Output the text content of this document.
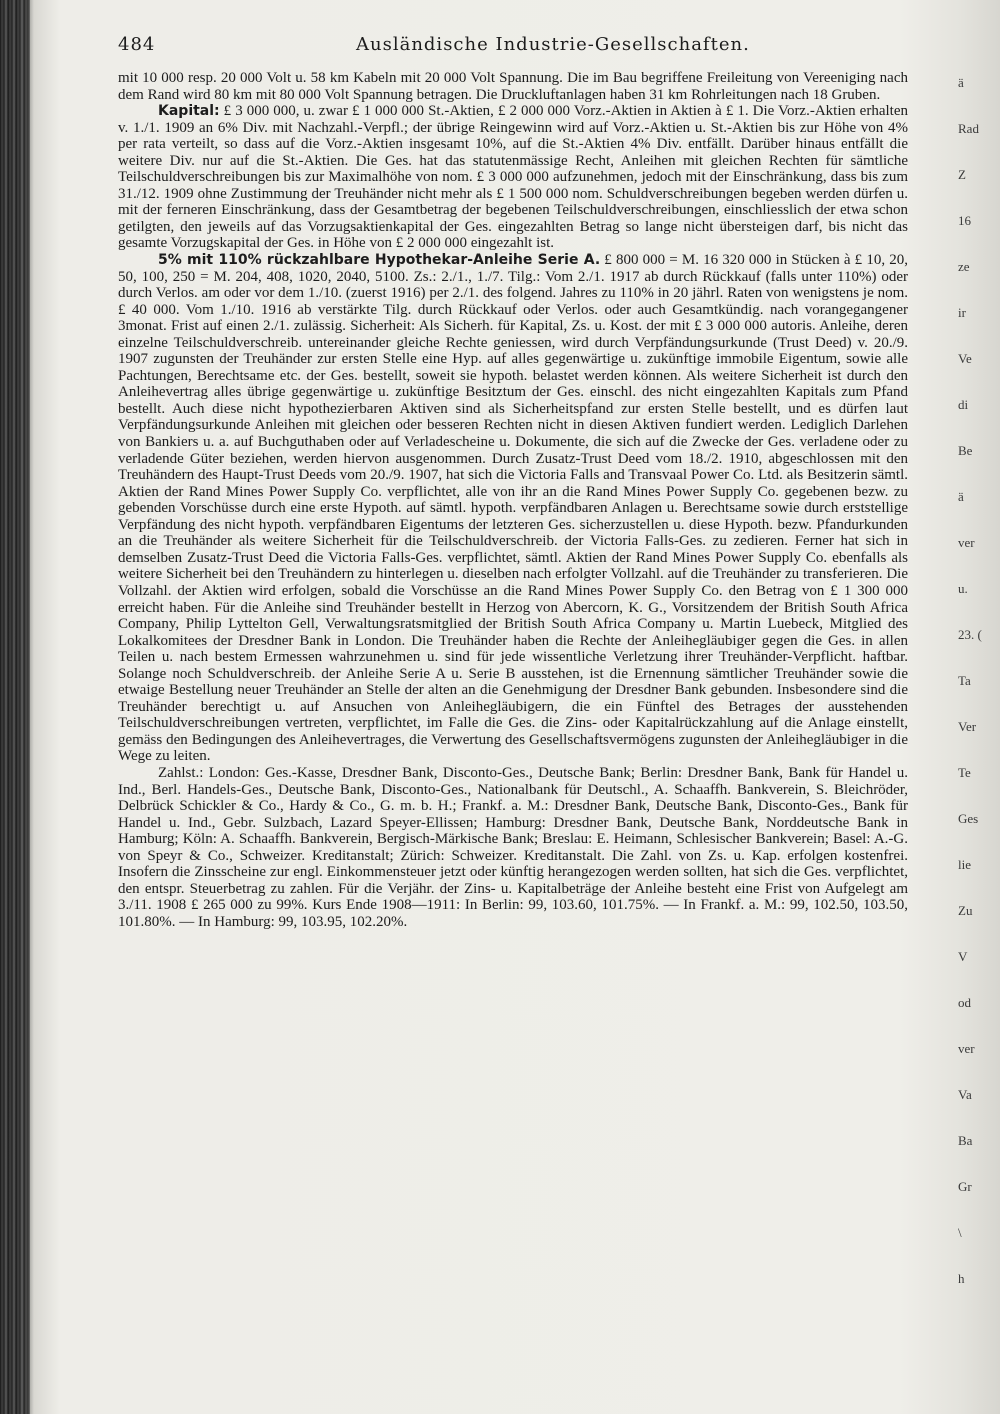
484	Ausländische Industrie-Gesellschaften.

mit 10 000 resp. 20 000 Volt u. 58 km Kabeln mit 20 000 Volt Spannung. Die im Bau begriffene Freileitung von Vereeniging nach dem Rand wird 80 km mit 80 000 Volt Spannung betragen. Die Druckluftanlagen haben 31 km Rohrleitungen nach 18 Gruben.

Kapital: £ 3 000 000, u. zwar £ 1 000 000 St.-Aktien, £ 2 000 000 Vorz.-Aktien in Aktien à £ 1. Die Vorz.-Aktien erhalten v. 1./1. 1909 an 6% Div. mit Nachzahl.-Verpfl.; der übrige Reingewinn wird auf Vorz.-Aktien u. St.-Aktien bis zur Höhe von 4% per rata verteilt, so dass auf die Vorz.-Aktien insgesamt 10%, auf die St.-Aktien 4% Div. entfällt. Darüber hinaus entfällt die weitere Div. nur auf die St.-Aktien. Die Ges. hat das statutenmässige Recht, Anleihen mit gleichen Rechten für sämtliche Teilschuldverschreibungen bis zur Maximalhöhe von nom. £ 3 000 000 aufzunehmen, jedoch mit der Einschränkung, dass bis zum 31./12. 1909 ohne Zustimmung der Treuhänder nicht mehr als £ 1 500 000 nom. Schuldverschreibungen begeben werden dürfen u. mit der ferneren Einschränkung, dass der Gesamtbetrag der begebenen Teilschuldverschreibungen, einschliesslich der etwa schon getilgten, den jeweils auf das Vorzugsaktienkapital der Ges. eingezahlten Betrag so lange nicht übersteigen darf, bis nicht das gesamte Vorzugskapital der Ges. in Höhe von £ 2 000 000 eingezahlt ist.

5% mit 110% rückzahlbare Hypothekar-Anleihe Serie A. £ 800 000 = M. 16 320 000 in Stücken à £ 10, 20, 50, 100, 250 = M. 204, 408, 1020, 2040, 5100. Zs.: 2./1., 1./7. Tilg.: Vom 2./1. 1917 ab durch Rückkauf (falls unter 110%) oder durch Verlos. am oder vor dem 1./10. (zuerst 1916) per 2./1. des folgend. Jahres zu 110% in 20 jährl. Raten von wenigstens je nom. £ 40 000. Vom 1./10. 1916 ab verstärkte Tilg. durch Rückkauf oder Verlos. oder auch Gesamtkündig. nach vorangegangener 3monat. Frist auf einen 2./1. zulässig. Sicherheit: Als Sicherh. für Kapital, Zs. u. Kost. der mit £ 3 000 000 autoris. Anleihe, deren einzelne Teilschuldverschreib. untereinander gleiche Rechte geniessen, wird durch Verpfändungsurkunde (Trust Deed) v. 20./9. 1907 zugunsten der Treuhänder zur ersten Stelle eine Hyp. auf alles gegenwärtige u. zukünftige immobile Eigentum, sowie alle Pachtungen, Berechtsame etc. der Ges. bestellt, soweit sie hypoth. belastet werden können. Als weitere Sicherheit ist durch den Anleihevertrag alles übrige gegenwärtige u. zukünftige Besitztum der Ges. einschl. des nicht eingezahlten Kapitals zum Pfand bestellt. Auch diese nicht hypothezierbaren Aktiven sind als Sicherheitspfand zur ersten Stelle bestellt, und es dürfen laut Verpfändungsurkunde Anleihen mit gleichen oder besseren Rechten nicht in diesen Aktiven fundiert werden. Lediglich Darlehen von Bankiers u. a. auf Buchguthaben oder auf Verladescheine u. Dokumente, die sich auf die Zwecke der Ges. verladene oder zu verladende Güter beziehen, werden hiervon ausgenommen. Durch Zusatz-Trust Deed vom 18./2. 1910, abgeschlossen mit den Treuhändern des Haupt-Trust Deeds vom 20./9. 1907, hat sich die Victoria Falls and Transvaal Power Co. Ltd. als Besitzerin sämtl. Aktien der Rand Mines Power Supply Co. verpflichtet, alle von ihr an die Rand Mines Power Supply Co. gegebenen bezw. zu gebenden Vorschüsse durch eine erste Hypoth. auf sämtl. hypoth. verpfändbaren Anlagen u. Berechtsame sowie durch erststellige Verpfändung des nicht hypoth. verpfändbaren Eigentums der letzteren Ges. sicherzustellen u. diese Hypoth. bezw. Pfandurkunden an die Treuhänder als weitere Sicherheit für die Teilschuldverschreib. der Victoria Falls-Ges. zu zedieren. Ferner hat sich in demselben Zusatz-Trust Deed die Victoria Falls-Ges. verpflichtet, sämtl. Aktien der Rand Mines Power Supply Co. ebenfalls als weitere Sicherheit bei den Treuhändern zu hinterlegen u. dieselben nach erfolgter Vollzahl. auf die Treuhänder zu transferieren. Die Vollzahl. der Aktien wird erfolgen, sobald die Vorschüsse an die Rand Mines Power Supply Co. den Betrag von £ 1 300 000 erreicht haben. Für die Anleihe sind Treuhänder bestellt in Herzog von Abercorn, K. G., Vorsitzendem der British South Africa Company, Philip Lyttelton Gell, Verwaltungsratsmitglied der British South Africa Company u. Martin Luebeck, Mitglied des Lokalkomitees der Dresdner Bank in London. Die Treuhänder haben die Rechte der Anleihegläubiger gegen die Ges. in allen Teilen u. nach bestem Ermessen wahrzunehmen u. sind für jede wissentliche Verletzung ihrer Treuhänder-Verpflicht. haftbar. Solange noch Schuldverschreib. der Anleihe Serie A u. Serie B ausstehen, ist die Ernennung sämtlicher Treuhänder sowie die etwaige Bestellung neuer Treuhänder an Stelle der alten an die Genehmigung der Dresdner Bank gebunden. Insbesondere sind die Treuhänder berechtigt u. auf Ansuchen von Anleihegläubigern, die ein Fünftel des Betrages der ausstehenden Teilschuldverschreibungen vertreten, verpflichtet, im Falle die Ges. die Zins- oder Kapitalrückzahlung auf die Anlage einstellt, gemäss den Bedingungen des Anleihevertrages, die Verwertung des Gesellschaftsvermögens zugunsten der Anleihegläubiger in die Wege zu leiten.

Zahlst.: London: Ges.-Kasse, Dresdner Bank, Disconto-Ges., Deutsche Bank; Berlin: Dresdner Bank, Bank für Handel u. Ind., Berl. Handels-Ges., Deutsche Bank, Disconto-Ges., Nationalbank für Deutschl., A. Schaaffh. Bankverein, S. Bleichröder, Delbrück Schickler & Co., Hardy & Co., G. m. b. H.; Frankf. a. M.: Dresdner Bank, Deutsche Bank, Disconto-Ges., Bank für Handel u. Ind., Gebr. Sulzbach, Lazard Speyer-Ellissen; Hamburg: Dresdner Bank, Deutsche Bank, Norddeutsche Bank in Hamburg; Köln: A. Schaaffh. Bankverein, Bergisch-Märkische Bank; Breslau: E. Heimann, Schlesischer Bankverein; Basel: A.-G. von Speyr & Co., Schweizer. Kreditanstalt; Zürich: Schweizer. Kreditanstalt. Die Zahl. von Zs. u. Kap. erfolgen kostenfrei. Insofern die Zinsscheine zur engl. Einkommensteuer jetzt oder künftig herangezogen werden sollten, hat sich die Ges. verpflichtet, den entspr. Steuerbetrag zu zahlen. Für die Verjähr. der Zins- u. Kapitalbeträge der Anleihe besteht eine Frist von Aufgelegt am 3./11. 1908 £ 265 000 zu 99%. Kurs Ende 1908—1911: In Berlin: 99, 103.60, 101.75%. — In Frankf. a. M.: 99, 102.50, 103.50, 101.80%. — In Hamburg: 99, 103.95, 102.20%.

ä
Rad
Z
16
ze
ir
Ve
di
Be
ä
ver
u.
23. (
Ta
Ver
Te
Ges
lie
Zu
V
od
ver
Va
Ba
Gr
\
h
